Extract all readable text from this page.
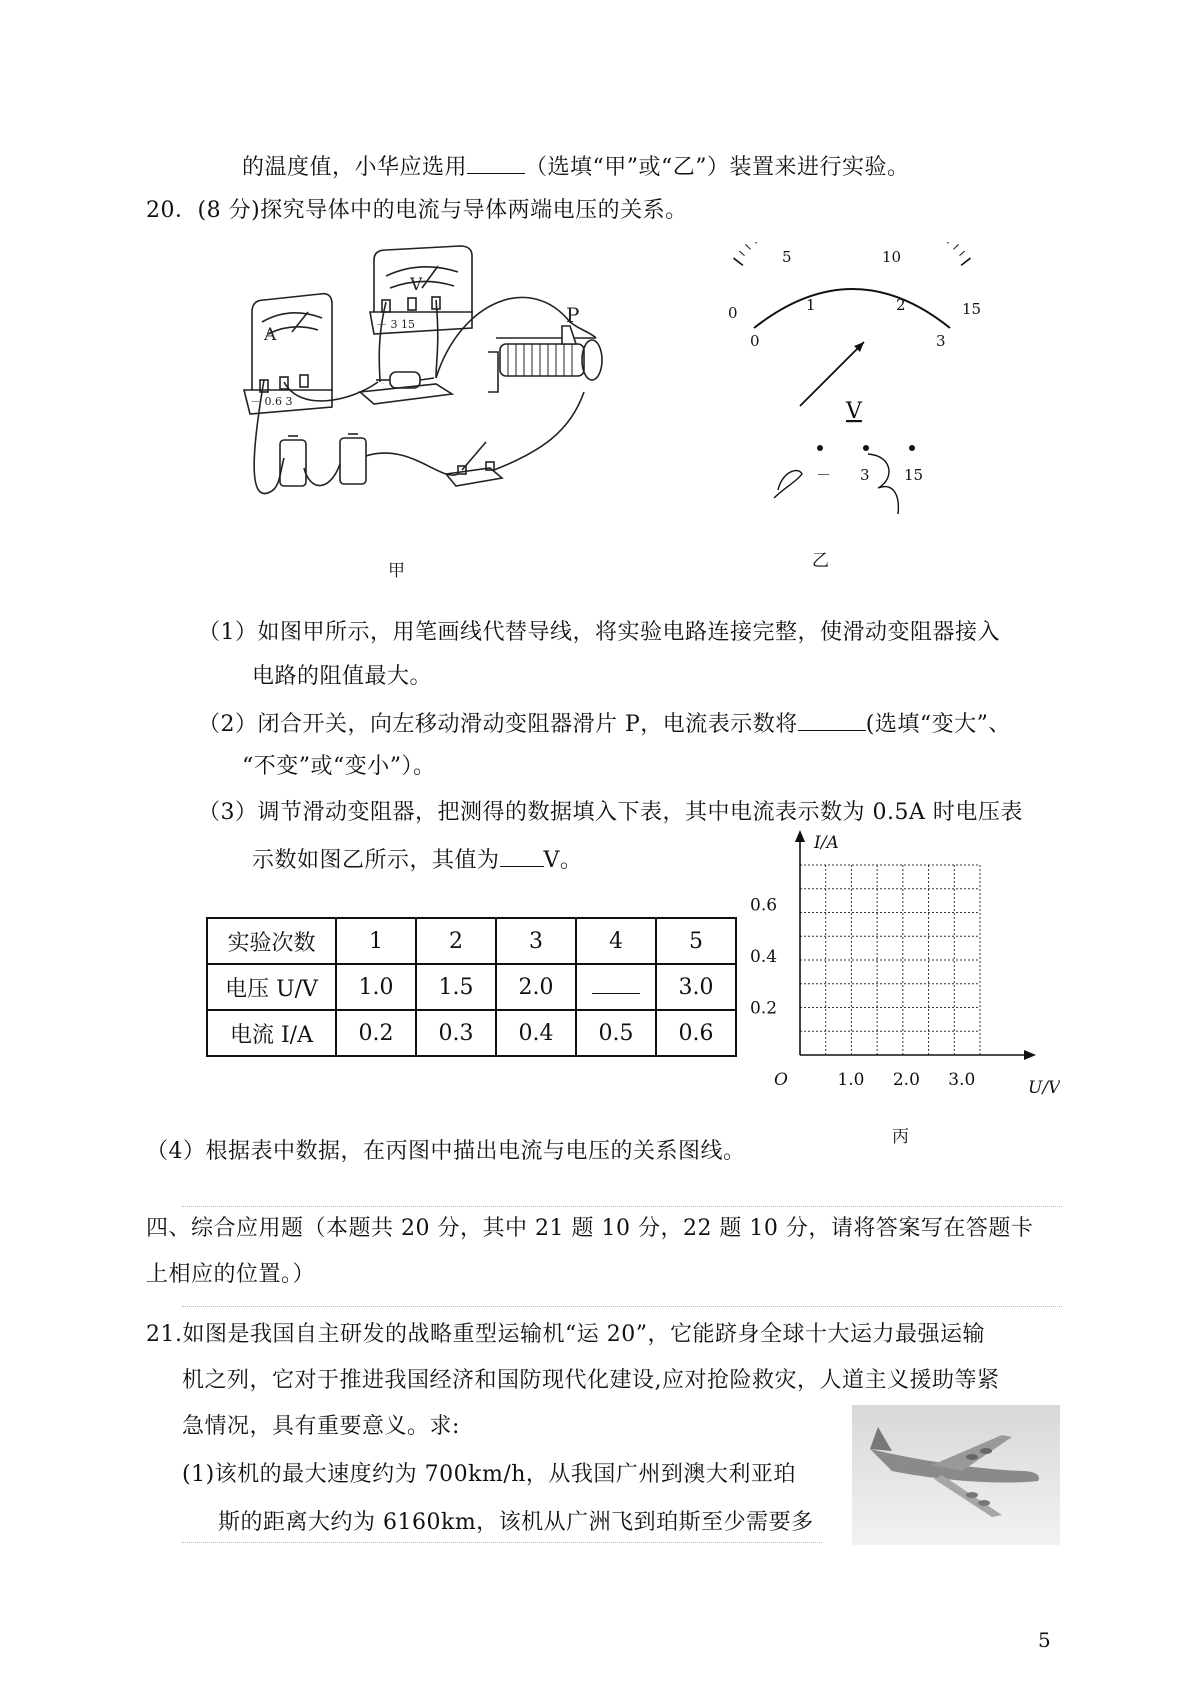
的温度值，小华应选用	（选填“甲”或“乙”）装置来进行实验。
20．(8 分)探究导体中的电流与导体两端电压的关系。
A
V
－ 0.6 3
－ 3 15	P
甲
5	10
15
0
0
1	2
3
V
－ 3 15
乙
（1）如图甲所示，用笔画线代替导线，将实验电路连接完整，使滑动变阻器接入
电路的阻值最大。
（2）闭合开关，向左移动滑动变阻器滑片 P，电流表示数将	(选填“变大”、
“不变”或“变小”）。
（3）调节滑动变阻器，把测得的数据填入下表，其中电流表示数为 0.5A 时电压表
示数如图乙所示，其值为 V。
实验次数	1	2	3	4	5
电压 U/V	1.0	1.5	2.0		3.0
电流 I/A	0.2	0.3	0.4	0.5	0.6
I/A
U/V
O	1.0 2.0 3.0
0.2
0.4
0.6
丙
（4）根据表中数据，在丙图中描出电流与电压的关系图线。
四、综合应用题（本题共 20 分，其中 21 题 10 分，22 题 10 分，请将答案写在答题卡
上相应的位置。）
21.如图是我国自主研发的战略重型运输机“运 20”，它能跻身全球十大运力最强运输
机之列，它对于推进我国经济和国防现代化建设,应对抢险救灾，人道主义援助等紧
急情况，具有重要意义。求:
(1)该机的最大速度约为 700km/h，从我国广州到澳大利亚珀
斯的距离大约为 6160km，该机从广洲飞到珀斯至少需要多
5
